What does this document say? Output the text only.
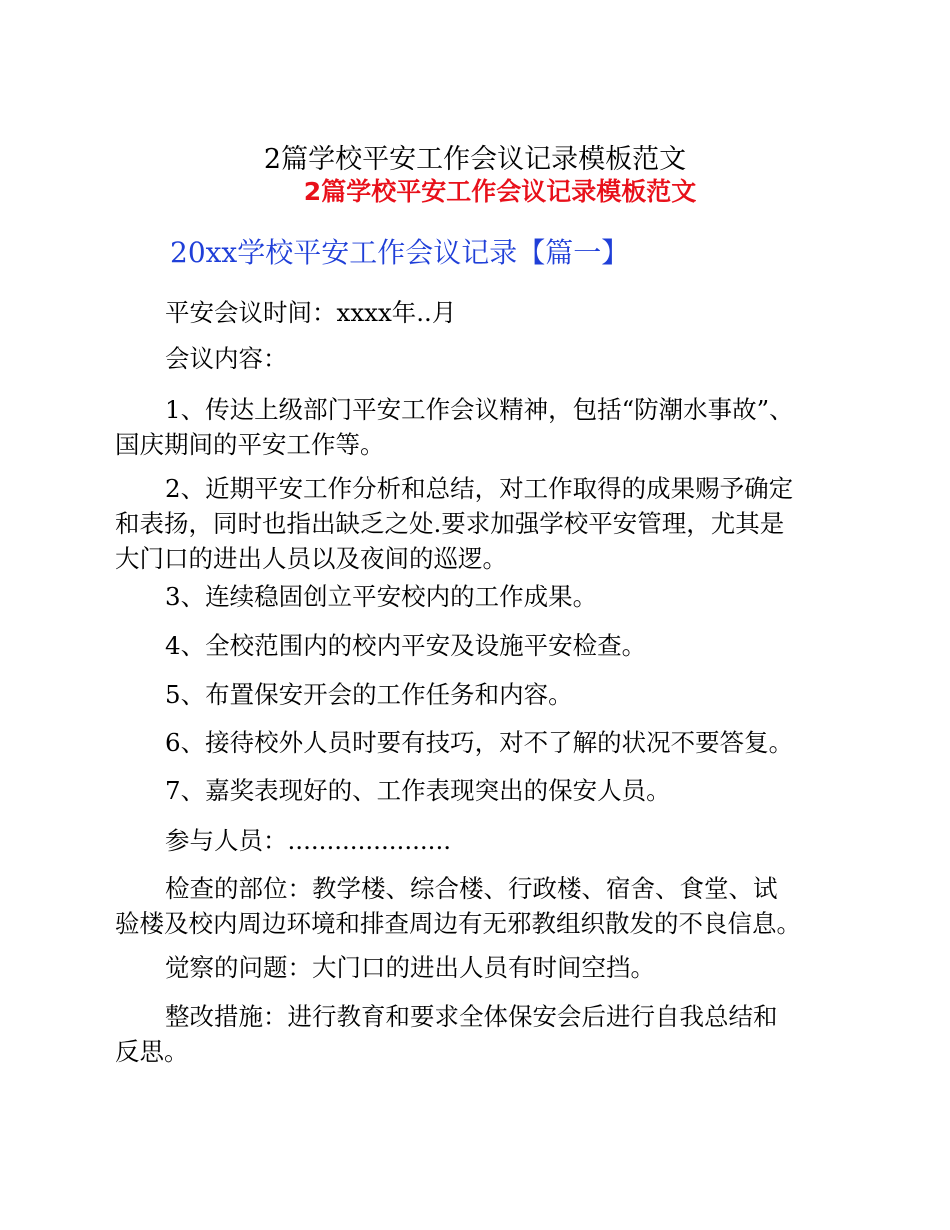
2篇学校平安工作会议记录模板范文
2篇学校平安工作会议记录模板范文
20xx学校平安工作会议记录【篇一】

平安会议时间：xxxx年..月

会议内容：

1、传达上级部门平安工作会议精神，包括“防潮水事故”、
国庆期间的平安工作等。

2、近期平安工作分析和总结，对工作取得的成果赐予确定
和表扬，同时也指出缺乏之处.要求加强学校平安管理，尤其是
大门口的进出人员以及夜间的巡逻。

3、连续稳固创立平安校内的工作成果。

4、全校范围内的校内平安及设施平安检查。

5、布置保安开会的工作任务和内容。

6、接待校外人员时要有技巧，对不了解的状况不要答复。

7、嘉奖表现好的、工作表现突出的保安人员。

参与人员：.....................

检查的部位：教学楼、综合楼、行政楼、宿舍、食堂、试
验楼及校内周边环境和排查周边有无邪教组织散发的不良信息。

觉察的问题：大门口的进出人员有时间空挡。

整改措施：进行教育和要求全体保安会后进行自我总结和
反思。
